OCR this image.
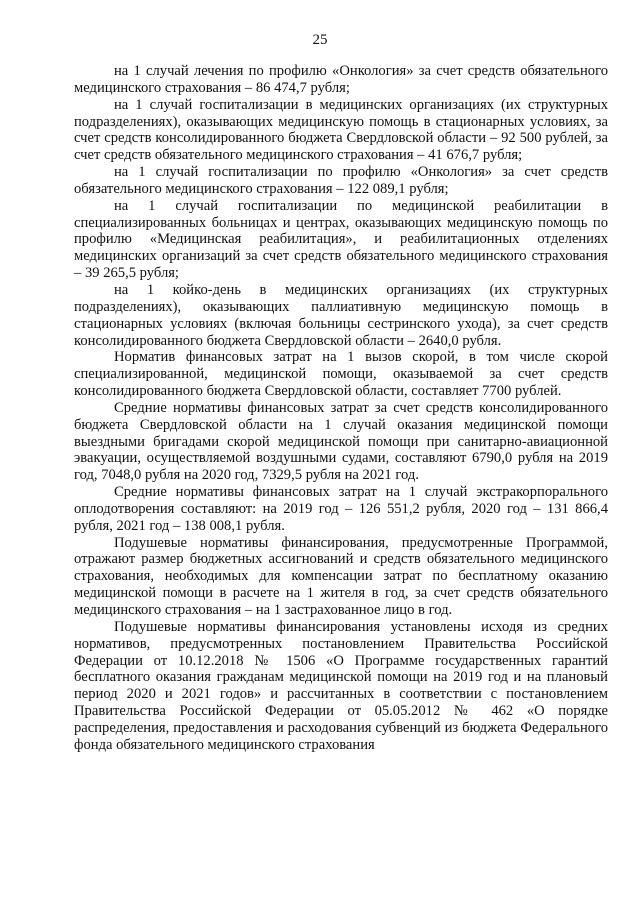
25

на 1 случай лечения по профилю «Онкология» за счет средств обязательного медицинского страхования – 86 474,7 рубля;

на 1 случай госпитализации в медицинских организациях (их структурных подразделениях), оказывающих медицинскую помощь в стационарных условиях, за счет средств консолидированного бюджета Свердловской области – 92 500 рублей, за счет средств обязательного медицинского страхования – 41 676,7 рубля;

на 1 случай госпитализации по профилю «Онкология» за счет средств обязательного медицинского страхования – 122 089,1 рубля;

на 1 случай госпитализации по медицинской реабилитации в специализированных больницах и центрах, оказывающих медицинскую помощь по профилю «Медицинская реабилитация», и реабилитационных отделениях медицинских организаций за счет средств обязательного медицинского страхования – 39 265,5 рубля;

на 1 койко-день в медицинских организациях (их структурных подразделениях), оказывающих паллиативную медицинскую помощь в стационарных условиях (включая больницы сестринского ухода), за счет средств консолидированного бюджета Свердловской области – 2640,0 рубля.

Норматив финансовых затрат на 1 вызов скорой, в том числе скорой специализированной, медицинской помощи, оказываемой за счет средств консолидированного бюджета Свердловской области, составляет 7700 рублей.

Средние нормативы финансовых затрат за счет средств консолидированного бюджета Свердловской области на 1 случай оказания медицинской помощи выездными бригадами скорой медицинской помощи при санитарно-авиационной эвакуации, осуществляемой воздушными судами, составляют 6790,0 рубля на 2019 год, 7048,0 рубля на 2020 год, 7329,5 рубля на 2021 год.

Средние нормативы финансовых затрат на 1 случай экстракорпорального оплодотворения составляют: на 2019 год – 126 551,2 рубля, 2020 год – 131 866,4 рубля, 2021 год – 138 008,1 рубля.

Подушевые нормативы финансирования, предусмотренные Программой, отражают размер бюджетных ассигнований и средств обязательного медицинского страхования, необходимых для компенсации затрат по бесплатному оказанию медицинской помощи в расчете на 1 жителя в год, за счет средств обязательного медицинского страхования – на 1 застрахованное лицо в год.

Подушевые нормативы финансирования установлены исходя из средних нормативов, предусмотренных постановлением Правительства Российской Федерации от 10.12.2018 № 1506 «О Программе государственных гарантий бесплатного оказания гражданам медицинской помощи на 2019 год и на плановый период 2020 и 2021 годов» и рассчитанных в соответствии с постановлением Правительства Российской Федерации от 05.05.2012 № 462 «О порядке распределения, предоставления и расходования субвенций из бюджета Федерального фонда обязательного медицинского страхования
